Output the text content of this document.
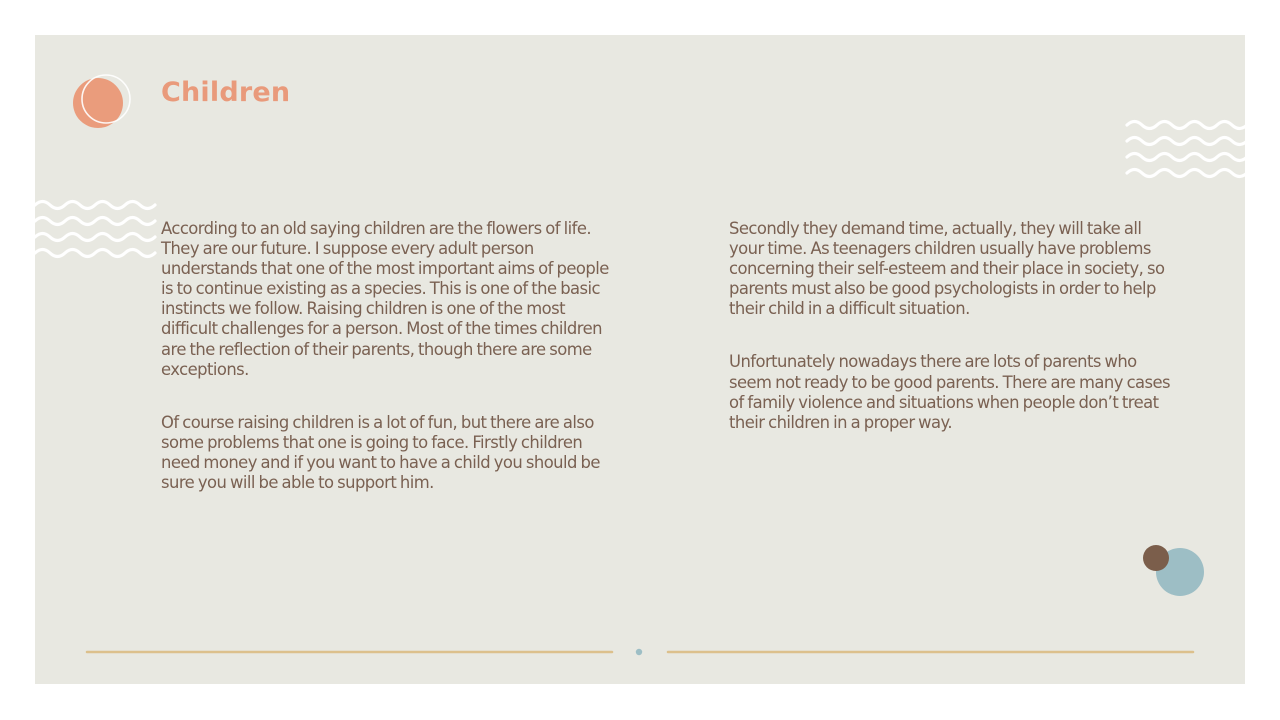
Children

According to an old saying children are the flowers of life. They are our future. I suppose every adult person understands that one of the most important aims of people is to continue existing as a species. This is one of the basic instincts we follow. Raising children is one of the most difficult challenges for a person. Most of the times children are the reflection of their parents, though there are some exceptions.

Of course raising children is a lot of fun, but there are also some problems that one is going to face. Firstly children need money and if you want to have a child you should be sure you will be able to support him.

Secondly they demand time, actually, they will take all your time. As teenagers children usually have problems concerning their self-esteem and their place in society, so parents must also be good psychologists in order to help their child in a difficult situation.

Unfortunately nowadays there are lots of parents who seem not ready to be good parents. There are many cases of family violence and situations when people don’t treat their children in a proper way.
